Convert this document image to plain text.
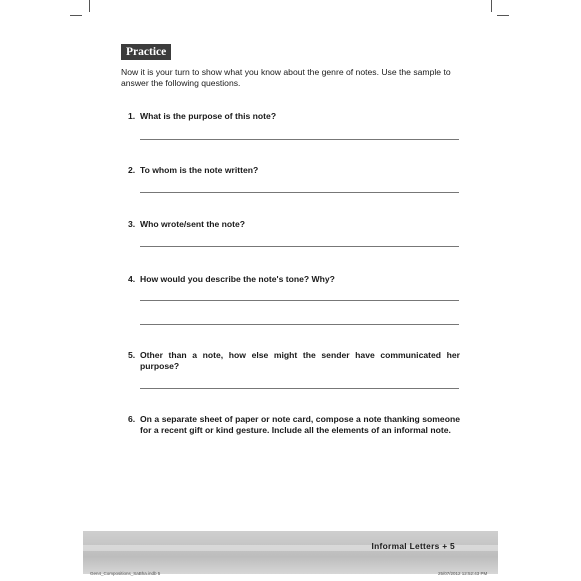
Practice
Now it is your turn to show what you know about the genre of notes. Use the sample to answer the following questions.
1. What is the purpose of this note?
2. To whom is the note written?
3. Who wrote/sent the note?
4. How would you describe the note's tone? Why?
5. Other than a note, how else might the sender have communicated her purpose?
6. On a separate sheet of paper or note card, compose a note thanking someone for a recent gift or kind gesture. Include all the elements of an informal note.
Informal Letters + 5
Gen4_Compositions_SaBha.indb 5	25/07/2012 12:52:43 PM
